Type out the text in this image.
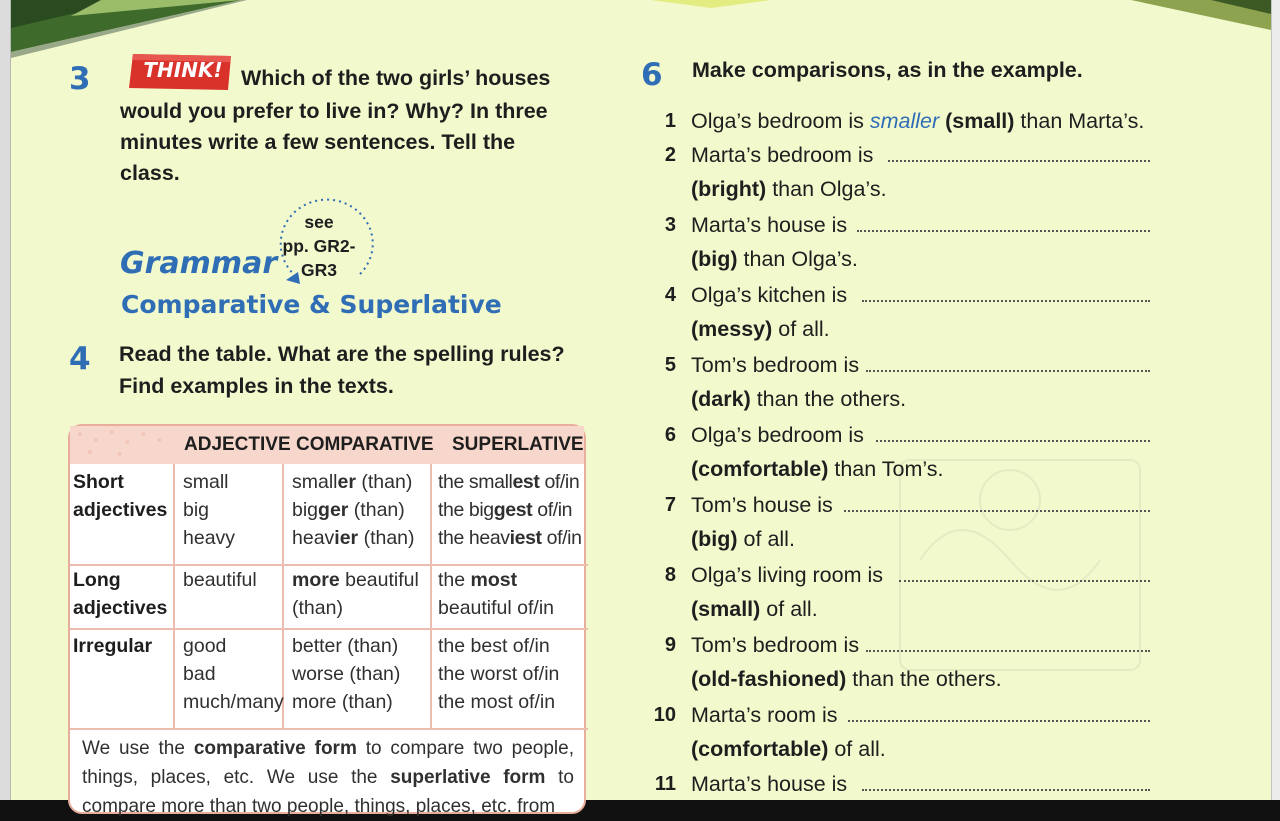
3	THINK! Which of the two girls’ houses
would you prefer to live in? Why? In three
minutes write a few sentences. Tell the
class.
see
pp. GR2-
GR3
Grammar
Comparative & Superlative
4 Read the table. What are the spelling rules?
Find examples in the texts.
ADJECTIVE COMPARATIVE SUPERLATIVE
Short
adjectives
small
big
heavy
smaller (than)
bigger (than)
heavier (than)
the smallest of/in
the biggest of/in
the heaviest of/in
Long
adjectives
beautiful more beautiful
(than)
the most
beautiful of/in
Irregular good
bad
much/many
better (than)
worse (than)
more (than)
the best of/in
the worst of/in
the most of/in
We use the comparative form to compare two people, things, places, etc. We use the superlative form to compare more than two people, things, places, etc. from
6 Make comparisons, as in the example.
1 Olga’s bedroom is smaller (small) than Marta’s.
2 Marta’s bedroom is
(bright) than Olga’s.
3 Marta’s house is
(big) than Olga’s.
4 Olga’s kitchen is
(messy) of all.
5 Tom’s bedroom is
(dark) than the others.
6 Olga’s bedroom is
(comfortable) than Tom’s.
7 Tom’s house is
(big) of all.
8 Olga’s living room is
(small) of all.
9 Tom’s bedroom is
(old-fashioned) than the others.
10 Marta’s room is
(comfortable) of all.
11 Marta’s house is
